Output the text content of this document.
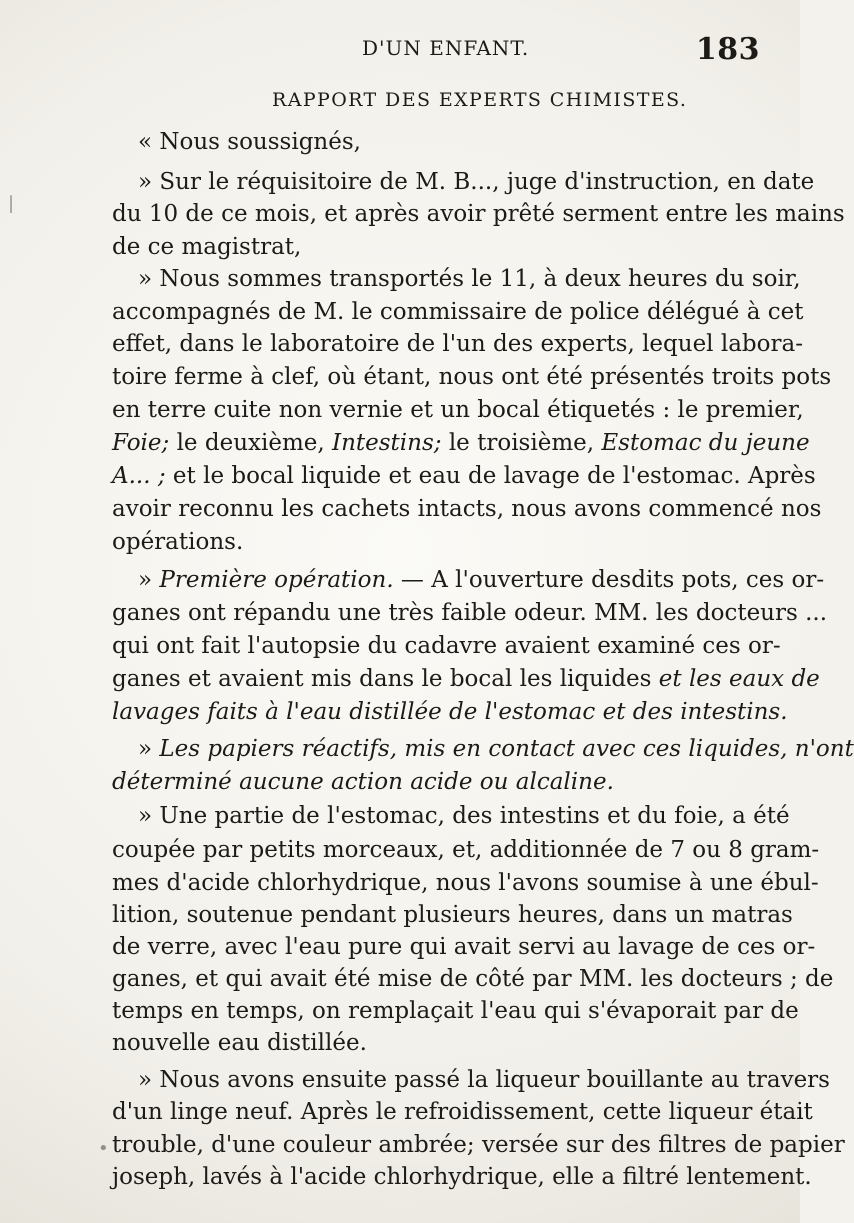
D'UN ENFANT.	183
RAPPORT DES EXPERTS CHIMISTES.
« Nous soussignés,
» Sur le réquisitoire de M. B..., juge d'instruction, en date
du 10 de ce mois, et après avoir prêté serment entre les mains
de ce magistrat,
» Nous sommes transportés le 11, à deux heures du soir,
accompagnés de M. le commissaire de police délégué à cet
effet, dans le laboratoire de l'un des experts, lequel labora-
toire ferme à clef, où étant, nous ont été présentés troits pots
en terre cuite non vernie et un bocal étiquetés : le premier,
Foie; le deuxième, Intestins; le troisième, Estomac du jeune
A... ; et le bocal liquide et eau de lavage de l'estomac. Après
avoir reconnu les cachets intacts, nous avons commencé nos
opérations.
» Première opération. — A l'ouverture desdits pots, ces or-
ganes ont répandu une très faible odeur. MM. les docteurs ...
qui ont fait l'autopsie du cadavre avaient examiné ces or-
ganes et avaient mis dans le bocal les liquides et les eaux de
lavages faits à l'eau distillée de l'estomac et des intestins.
» Les papiers réactifs, mis en contact avec ces liquides, n'ont
déterminé aucune action acide ou alcaline.
» Une partie de l'estomac, des intestins et du foie, a été
coupée par petits morceaux, et, additionnée de 7 ou 8 gram-
mes d'acide chlorhydrique, nous l'avons soumise à une ébul-
lition, soutenue pendant plusieurs heures, dans un matras
de verre, avec l'eau pure qui avait servi au lavage de ces or-
ganes, et qui avait été mise de côté par MM. les docteurs ; de
temps en temps, on remplaçait l'eau qui s'évaporait par de
nouvelle eau distillée.
» Nous avons ensuite passé la liqueur bouillante au travers
d'un linge neuf. Après le refroidissement, cette liqueur était
trouble, d'une couleur ambrée; versée sur des filtres de papier
joseph, lavés à l'acide chlorhydrique, elle a filtré lentement.
|
•
